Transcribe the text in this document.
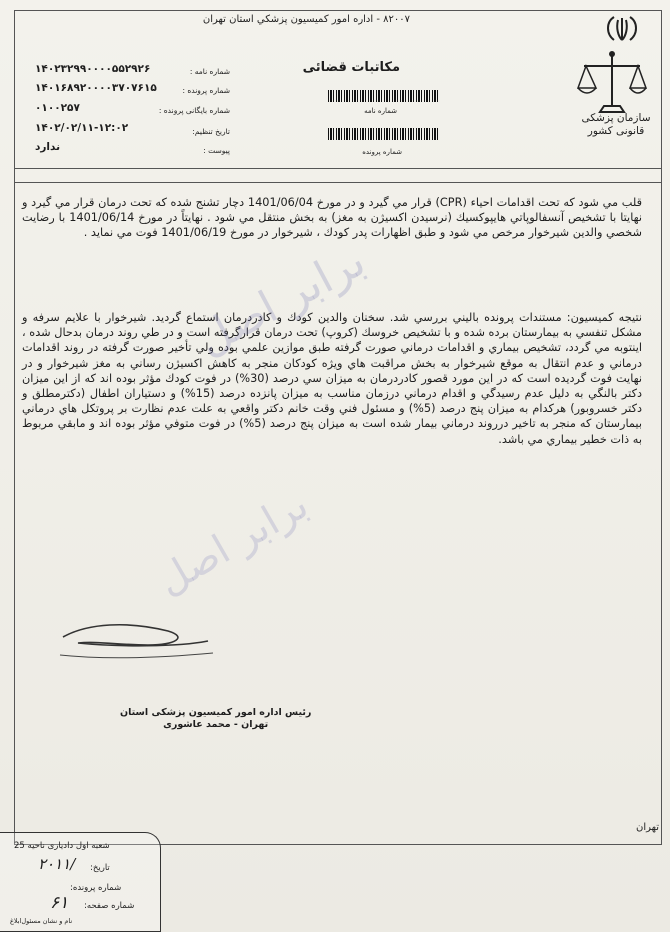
۸۲۰۰۷ - اداره امور کمیسیون پزشکي استان تهران
سازمان پزشکی قانونی کشور
مکاتبات قضائی
شماره نامه
شماره پرونده
شماره نامه :
۱۴۰۲۳۲۹۹۰۰۰۰۵۵۲۹۲۶
شماره پرونده :
۱۴۰۱۶۸۹۲۰۰۰۰۳۷۰۷۶۱۵
شماره بایگانی پرونده :
۰۱۰۰۲۵۷
تاریخ تنظیم:
۱۴۰۲/۰۲/۱۱-۱۲:۰۲
پیوست :
ندارد
قلب مي شود كه تحت اقدامات احياء (CPR) قرار مي گيرد و در مورخ 1401/06/04 دچار تشنج شده كه تحت درمان قرار مي گيرد و نهايتا با تشخيص آنسفالوپاتي هايپوكسيك (نرسيدن اكسيژن به مغز) به بخش منتقل مي شود . نهايتاً در مورخ 1401/06/14 با رضايت شخصي والدين شيرخوار مرخص مي شود و طبق اظهارات پدر كودك ، شيرخوار در مورخ 1401/06/19 فوت مي نمايد .
نتيجه كميسيون: مستندات پرونده باليني بررسي شد. سخنان والدين كودك و كادردرمان استماع گرديد. شيرخوار با علايم سرفه و مشكل تنفسي به بيمارستان برده شده و با تشخيص خروسك (كروپ) تحت درمان قرارگرفته است و در طي روند درمان بدحال شده ، اينتوبه مي گردد، تشخيص بيماري و اقدامات درماني صورت گرفته طبق موازين علمي بوده ولي تأخير صورت گرفته در روند اقدامات درماني و عدم انتقال به موقع شيرخوار به بخش مراقبت هاي ويژه كودكان منجر به كاهش اكسيژن رساني به مغز شيرخوار و در نهايت فوت گرديده است كه در اين مورد قصور كادردرمان به ميزان سي درصد (30%) در فوت كودك مؤثر بوده اند كه از اين ميزان دكتر بالنگي به دليل عدم رسيدگي و اقدام درماني درزمان مناسب به ميزان پانزده درصد (15%) و دستياران اطفال (دكترمطلق و دكتر خسروبور) هركدام به ميزان پنج درصد (5%) و مسئول فني وقت خانم دكتر واقعي به علت عدم نظارت بر پروتكل هاي درماني بيمارستان كه منجر به تاخير درروند درماني بيمار شده است به ميزان پنج درصد (5%) در فوت متوفي مؤثر بوده اند و مابقي مربوط به ذات خطير بيماري مي باشد.
برابر اصل
برابر اصل
رئیس اداره امور کمیسیون پزشکی استان
تهران - محمد عاشوری
تهران
شعبه اول دادیاری ناحیه 25
تاریخ:
۲۰۱۱/
شماره پرونده:
شماره صفحه:
۶۱
نام و نشان مسئول‌ابلاغ
